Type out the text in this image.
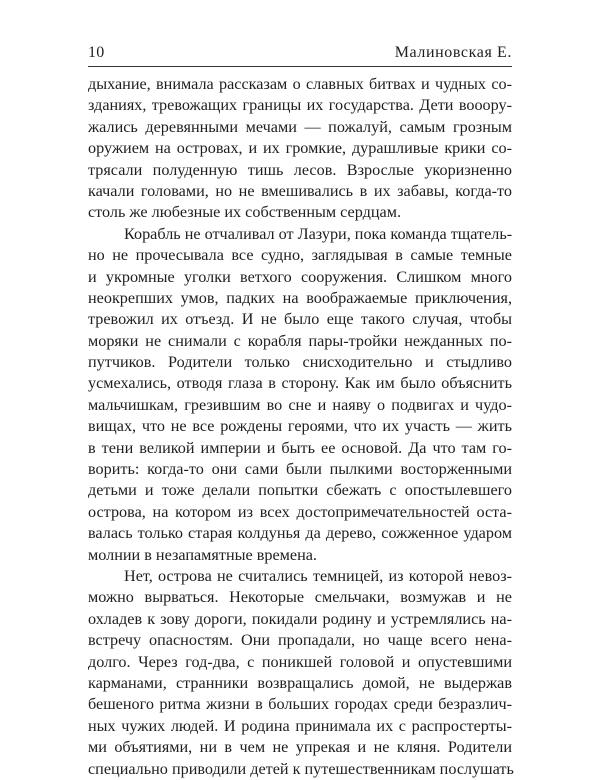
10	Малиновская Е.
дыхание, внимала рассказам о славных битвах и чудных со-
зданиях, тревожащих границы их государства. Дети вооору-
жались деревянными мечами — пожалуй, самым грозным
оружием на островах, и их громкие, дурашливые крики со-
трясали полуденную тишь лесов. Взрослые укоризненно
качали головами, но не вмешивались в их забавы, когда-то
столь же любезные их собственным сердцам.
Корабль не отчаливал от Лазури, пока команда тщатель-
но не прочесывала все судно, заглядывая в самые темные
и укромные уголки ветхого сооружения. Слишком много
неокрепших умов, падких на воображаемые приключения,
тревожил их отъезд. И не было еще такого случая, чтобы
моряки не снимали с корабля пары-тройки нежданных по-
путчиков. Родители только снисходительно и стыдливо
усмехались, отводя глаза в сторону. Как им было объяснить
мальчишкам, грезившим во сне и наяву о подвигах и чудо-
вищах, что не все рождены героями, что их участь — жить
в тени великой империи и быть ее основой. Да что там го-
ворить: когда-то они сами были пылкими восторженными
детьми и тоже делали попытки сбежать с опостылевшего
острова, на котором из всех достопримечательностей оста-
валась только старая колдунья да дерево, сожженное ударом
молнии в незапамятные времена.
Нет, острова не считались темницей, из которой невоз-
можно вырваться. Некоторые смельчаки, возмужав и не
охладев к зову дороги, покидали родину и устремлялись на-
встречу опасностям. Они пропадали, но чаще всего нена-
долго. Через год-два, с поникшей головой и опустевшими
карманами, странники возвращались домой, не выдержав
бешеного ритма жизни в больших городах среди безразлич-
ных чужих людей. И родина принимала их с распростерты-
ми объятиями, ни в чем не упрекая и не кляня. Родители
специально приводили детей к путешественникам послушать
